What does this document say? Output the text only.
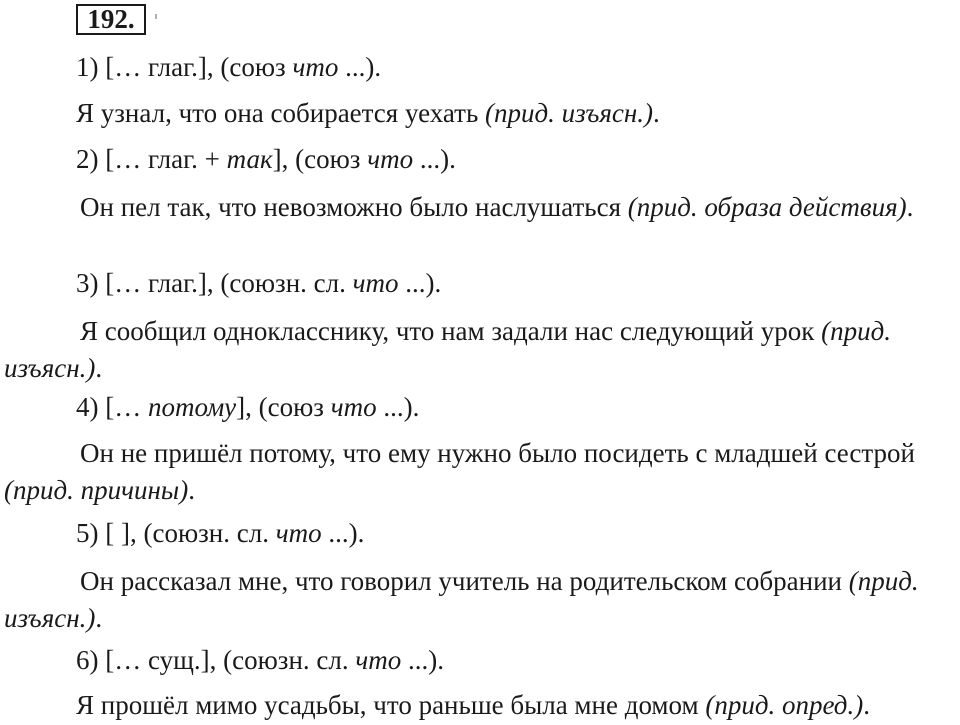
192.

1) [… глаг.], (союз что ...).

Я узнал, что она собирается уехать (прид. изъясн.).

2) [… глаг. + так], (союз что ...).

Он пел так, что невозможно было наслушаться (прид. образа действия).

3) [… глаг.], (союзн. сл. что ...).

Я сообщил однокласснику, что нам задали нас следующий урок (прид. изъясн.).

4) [… потому], (союз что ...).

Он не пришёл потому, что ему нужно было посидеть с младшей сестрой (прид. причины).

5) [ ], (союзн. сл. что ...).

Он рассказал мне, что говорил учитель на родительском собрании (прид. изъясн.).

6) [… сущ.], (союзн. сл. что ...).

Я прошёл мимо усадьбы, что раньше была мне домом (прид. опред.).
